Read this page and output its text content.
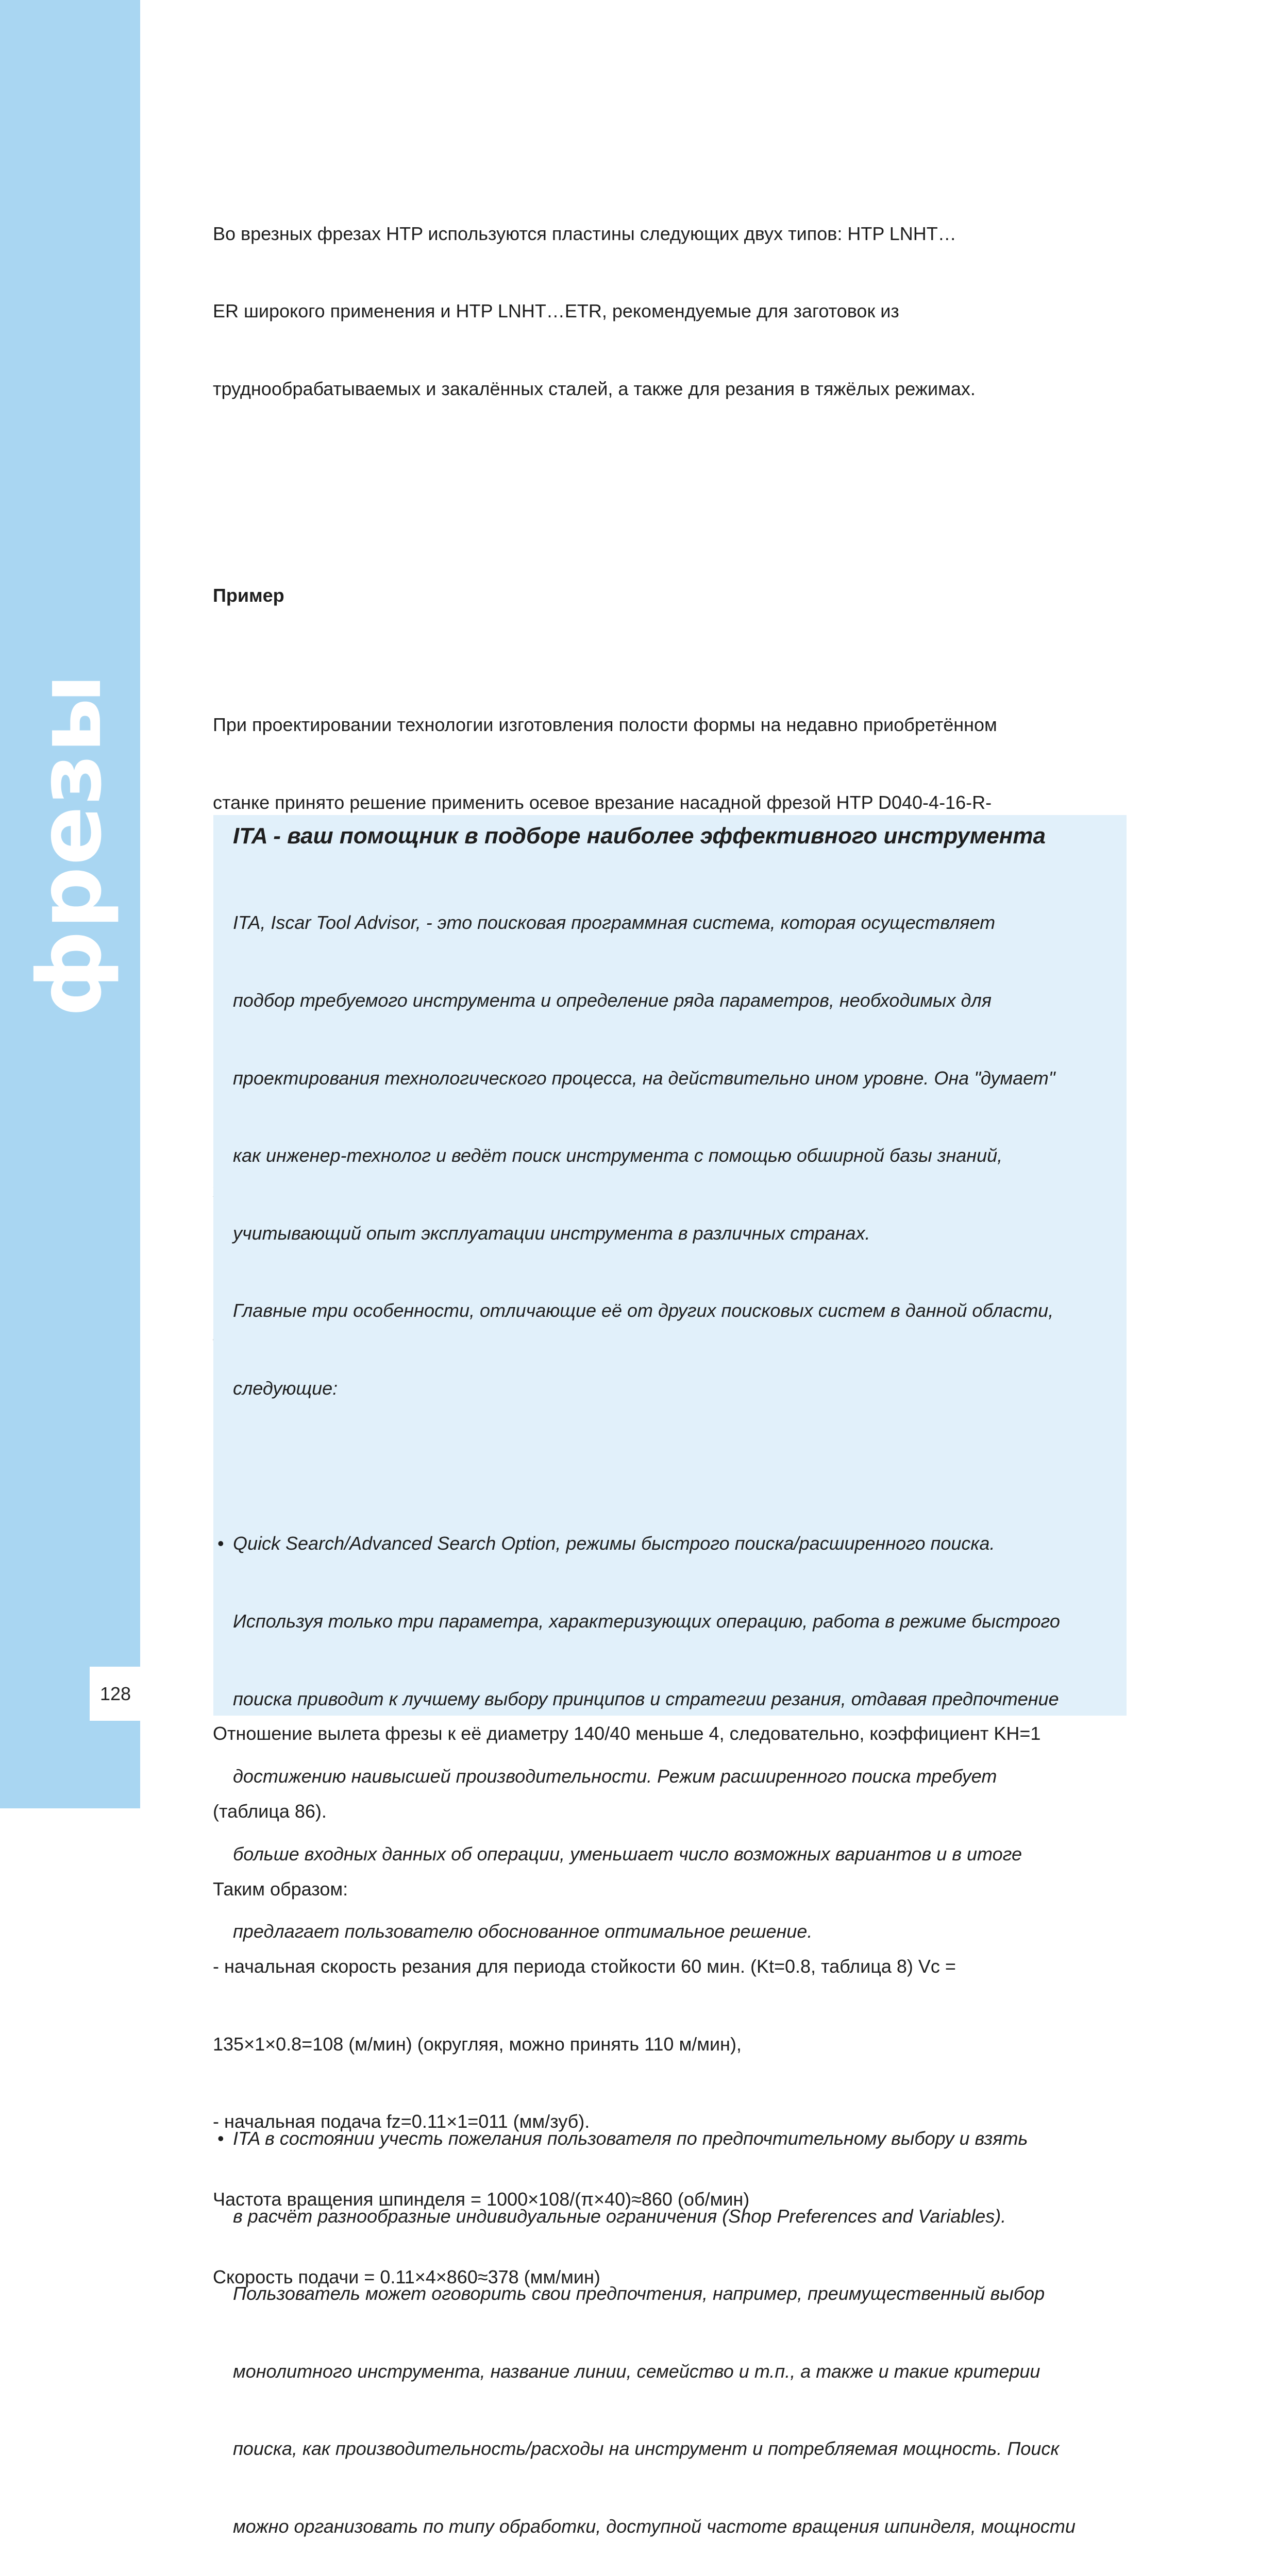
фрезы
128

Во врезных фрезах HTP используются пластины следующих двух типов: HTP LNHT…

ER широкого применения и HTP LNHT…ETR, рекомендуемые для заготовок из

труднообрабатываемых и закалённых сталей, а также для резания в тяжёлых режимах.

Пример

При проектировании технологии изготовления полости формы на недавно приобретённом

станке принято решение применить осевое врезание насадной фрезой HTP D040-4-16-R-

Отношение вылета фрезы к её диаметру 140/40 меньше 4, следовательно, коэффициент KH=1

(таблица 86).

Таким образом:

- начальная скорость резания для периода стойкости 60 мин. (Kt=0.8, таблица 8) Vc =

135×1×0.8=108 (м/мин) (округляя, можно принять 110 м/мин),

- начальная подача fz=0.11×1=011 (мм/зуб).

Частота вращения шпинделя = 1000×108/(π×40)≈860 (об/мин)

Скорость подачи = 0.11×4×860≈378 (мм/мин)

ITA - ваш помощник в подборе наиболее эффективного инструмента

ITA, Iscar Tool Advisor, - это поисковая программная система, которая осуществляет

подбор требуемого инструмента и определение ряда параметров, необходимых для

проектирования технологического процесса, на действительно ином уровне. Она "думает"

как инженер-технолог и ведёт поиск инструмента с помощью обширной базы знаний,

учитывающий опыт эксплуатации инструмента в различных странах.

Главные три особенности, отличающие её от других поисковых систем в данной области,

следующие:

• Quick Search/Advanced Search Option, режимы быстрого поиска/расширенного поиска.

Используя только три параметра, характеризующих операцию, работа в режиме быстрого

поиска приводит к лучшему выбору принципов и стратегии резания, отдавая предпочтение

достижению наивысшей производительности. Режим расширенного поиска требует

больше входных данных об операции, уменьшает число возможных вариантов и в итоге

предлагает пользователю обоснованное оптимальное решение.

• ITA в состоянии учесть пожелания пользователя по предпочтительному выбору и взять

в расчёт разнообразные индивидуальные ограничения (Shop Preferences and Variables).

Пользователь может оговорить свои предпочтения, например, преимущественный выбор

монолитного инструмента, название линии, семейство и т.п., а также и такие критерии

поиска, как производительность/расходы на инструмент и потребляемая мощность. Поиск

можно организовать по типу обработки, доступной частоте вращения шпинделя, мощности
